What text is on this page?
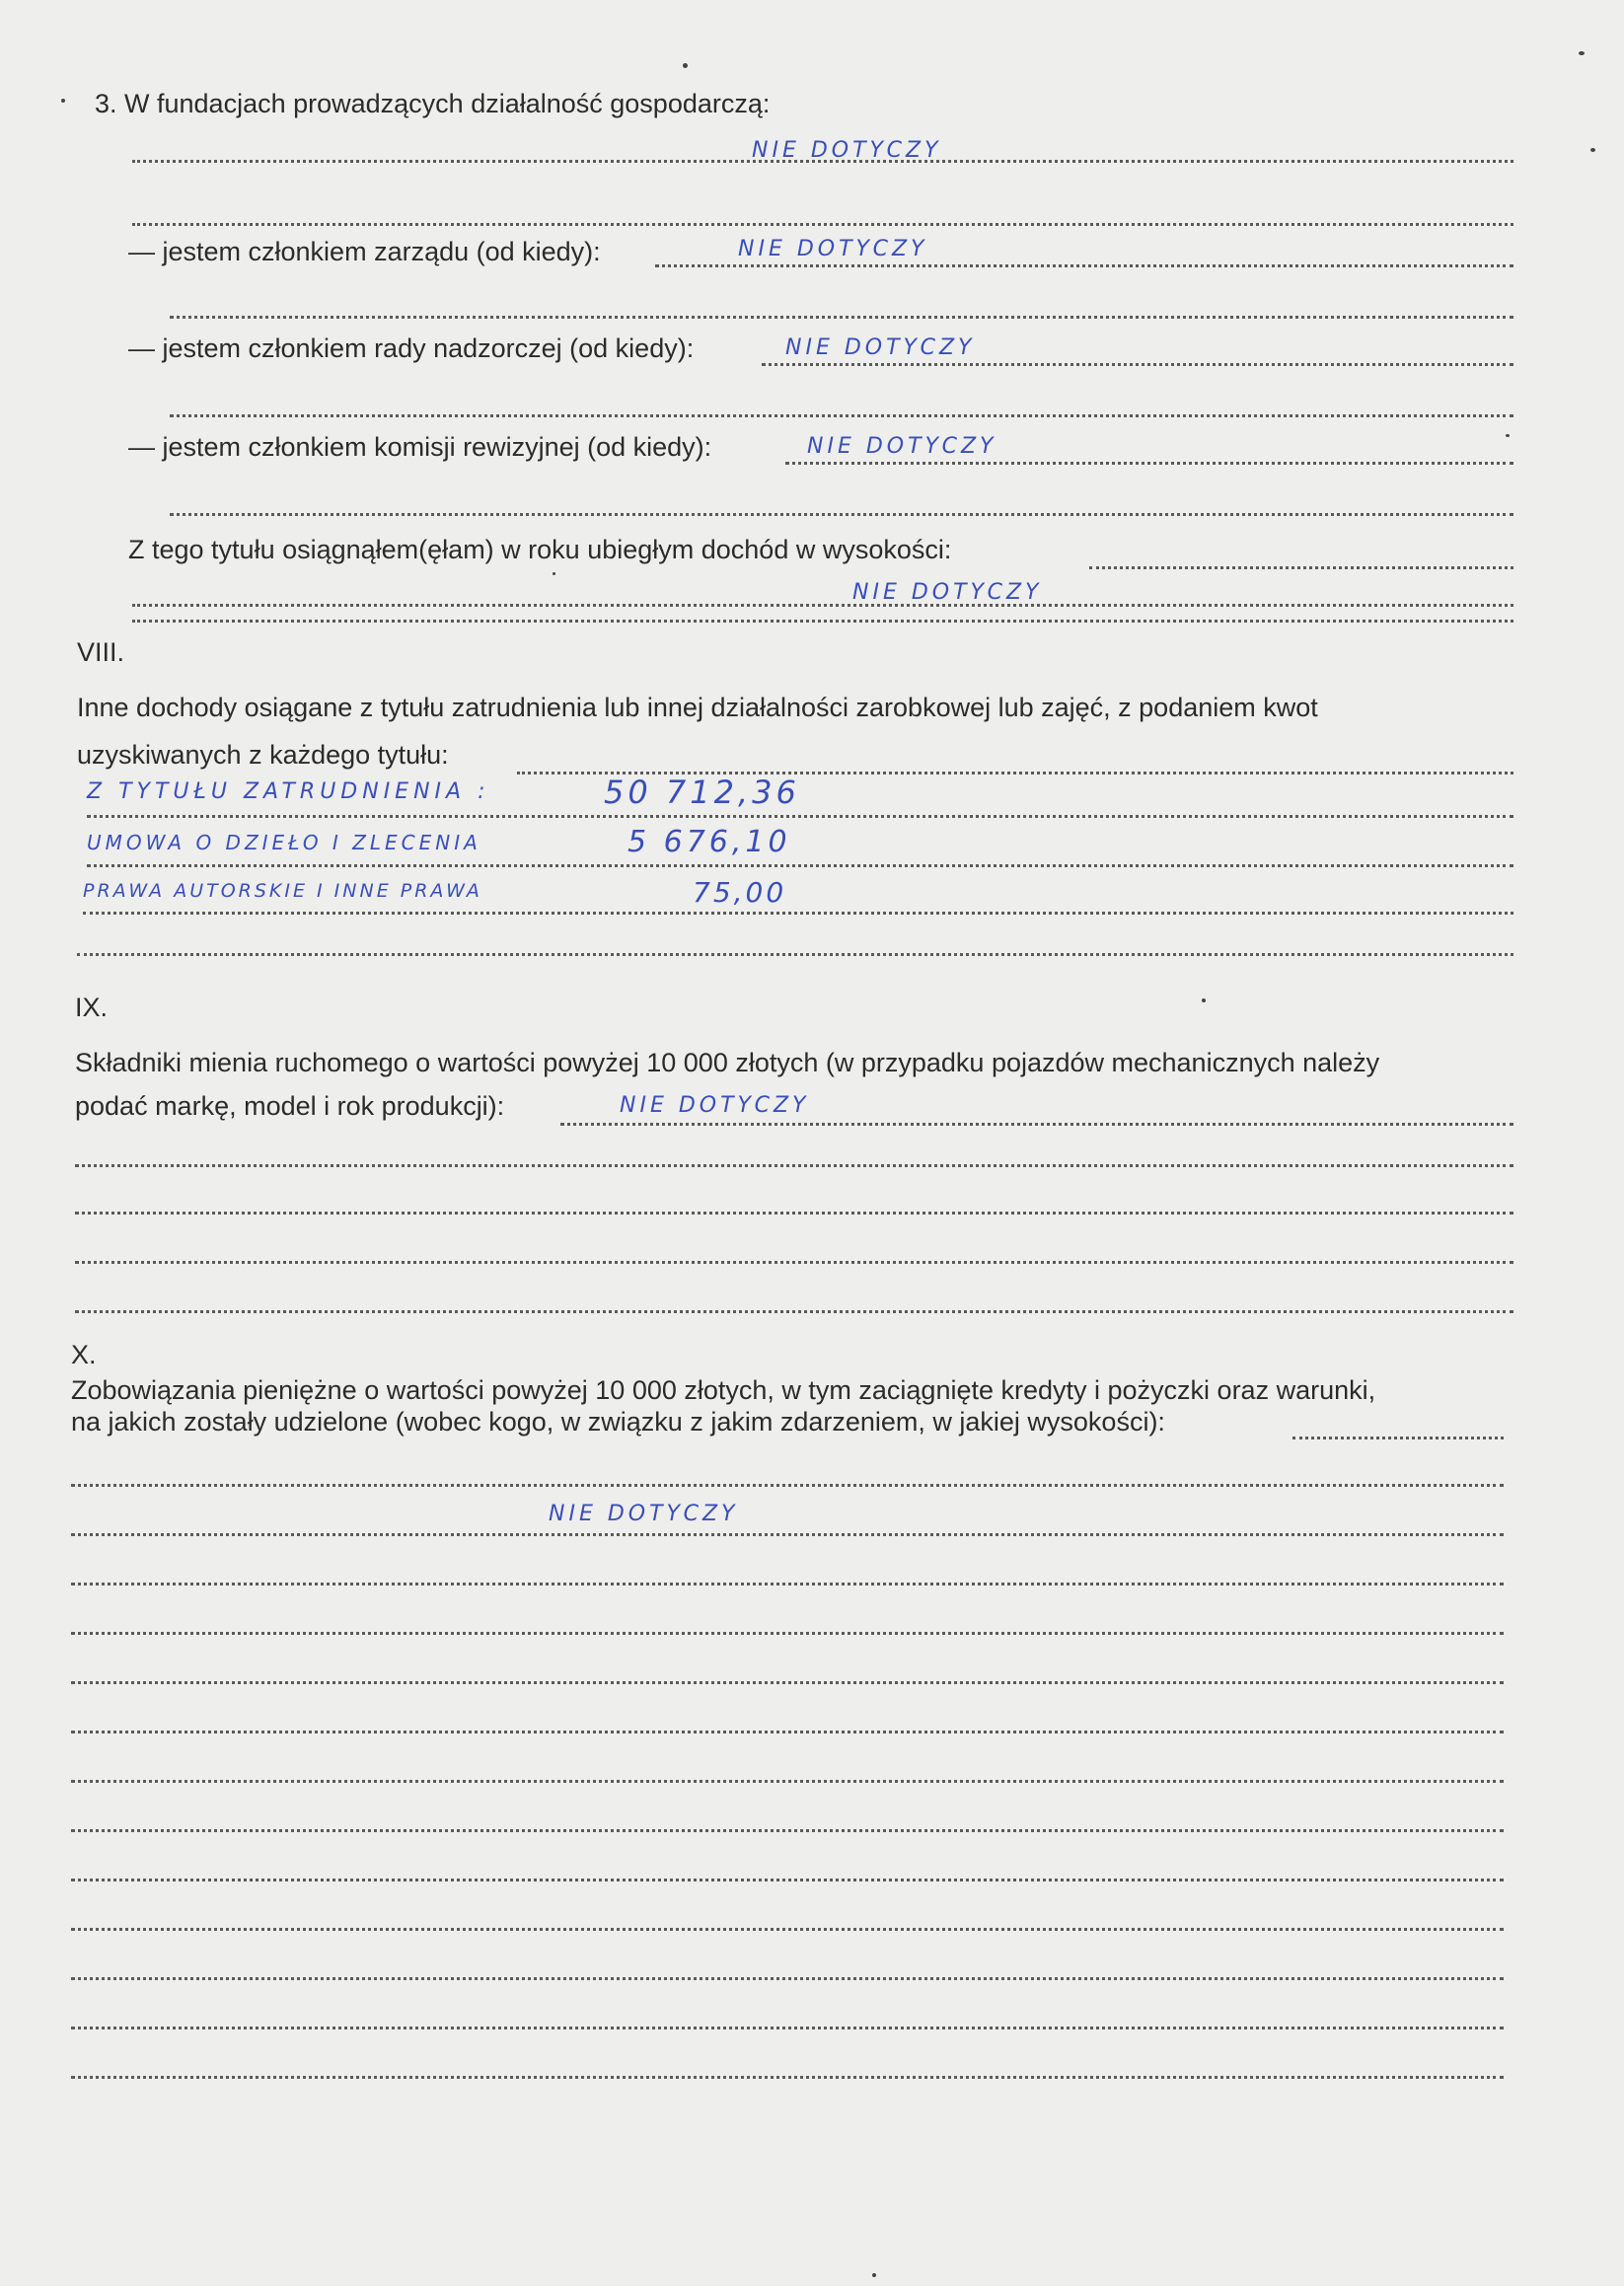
3. W fundacjach prowadzących działalność gospodarczą:
NIE DOTYCZY
— jestem członkiem zarządu (od kiedy):	NIE DOTYCZY
— jestem członkiem rady nadzorczej (od kiedy):	NIE DOTYCZY
— jestem członkiem komisji rewizyjnej (od kiedy):	NIE DOTYCZY
Z tego tytułu osiągnąłem(ęłam) w roku ubiegłym dochód w wysokości:
NIE DOTYCZY
VIII.
Inne dochody osiągane z tytułu zatrudnienia lub innej działalności zarobkowej lub zajęć, z podaniem kwot
uzyskiwanych z każdego tytułu:
Z TYTUŁU ZATRUDNIENIA :	50 712,36
UMOWA O DZIEŁO I ZLECENIA	5 676,10
PRAWA AUTORSKIE I INNE PRAWA	75,00
IX.
Składniki mienia ruchomego o wartości powyżej 10 000 złotych (w przypadku pojazdów mechanicznych należy
podać markę, model i rok produkcji):	NIE DOTYCZY
X.
Zobowiązania pieniężne o wartości powyżej 10 000 złotych, w tym zaciągnięte kredyty i pożyczki oraz warunki,
na jakich zostały udzielone (wobec kogo, w związku z jakim zdarzeniem, w jakiej wysokości):
NIE DOTYCZY
